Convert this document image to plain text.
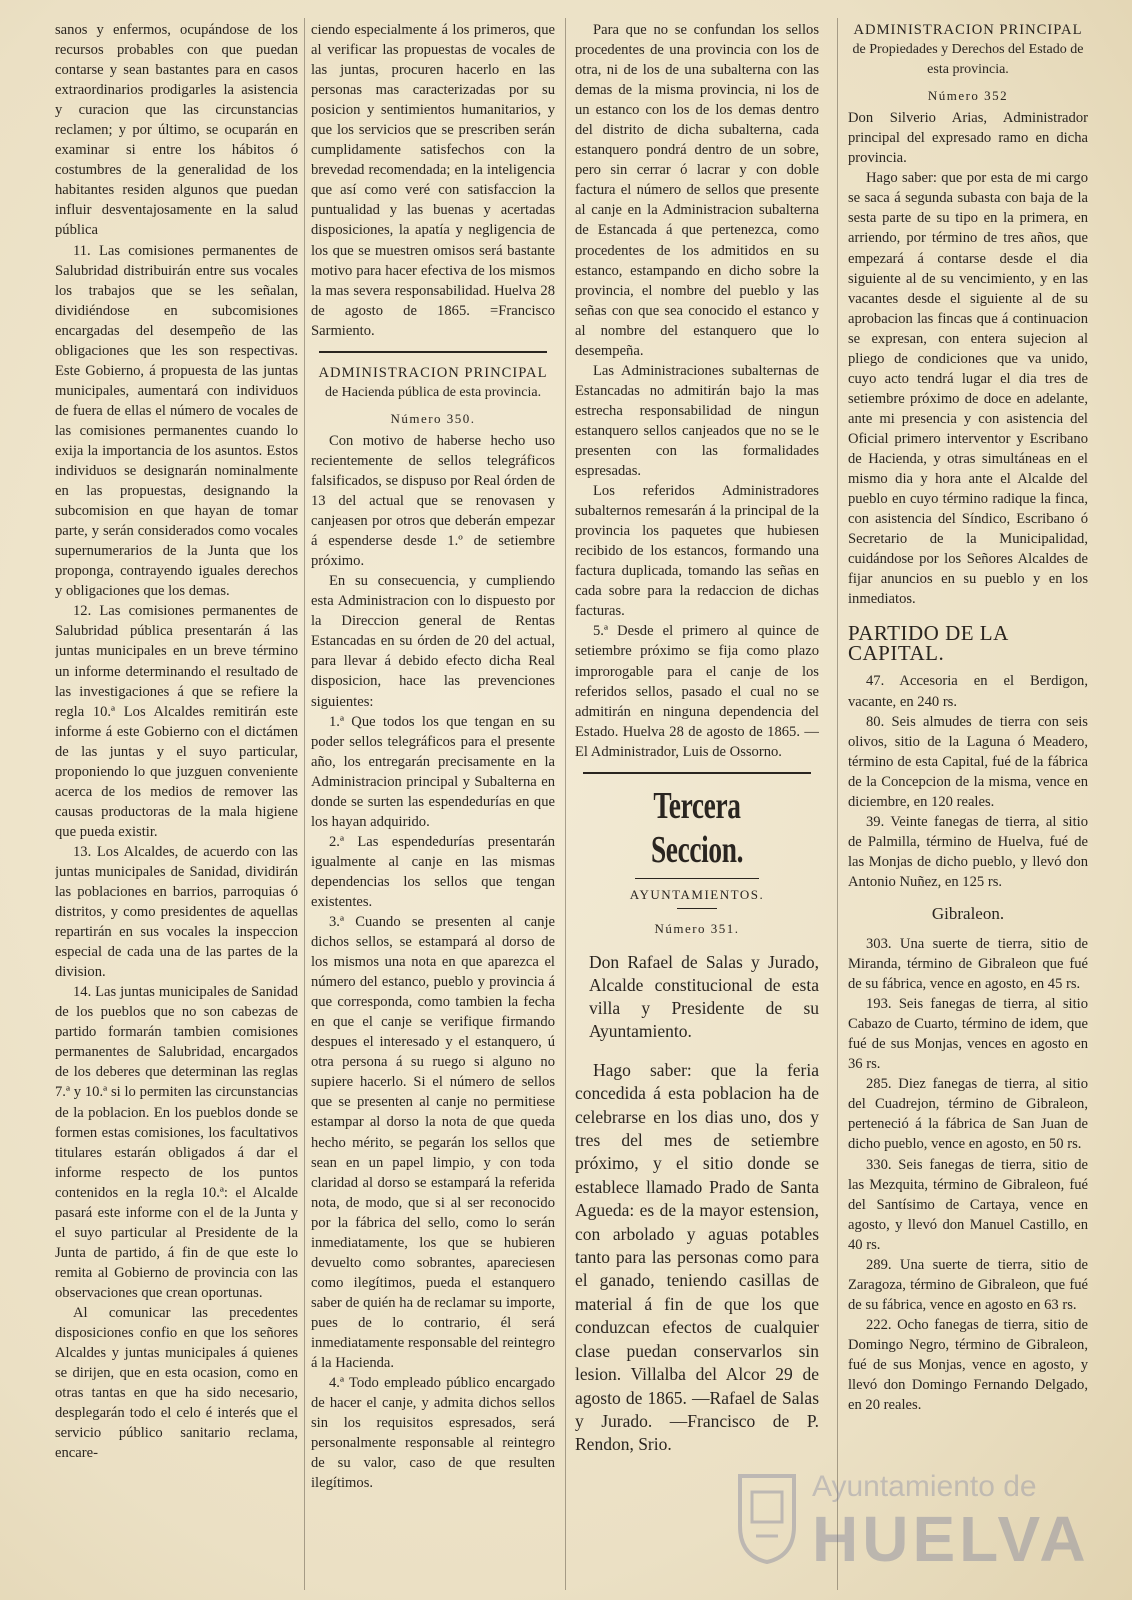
sanos y enfermos, ocupándose de los recursos probables con que puedan contarse y sean bastantes para en casos extraordinarios prodigarles la asistencia y curacion que las circunstancias reclamen; y por último, se ocuparán en examinar si entre los hábitos ó costumbres de la generalidad de los habitantes residen algunos que puedan influir desventajosamente en la salud pública

11. Las comisiones permanentes de Salubridad distribuirán entre sus vocales los trabajos que se les señalan, dividiéndose en subcomisiones encargadas del desempeño de las obligaciones que les son respectivas. Este Gobierno, á propuesta de las juntas municipales, aumentará con individuos de fuera de ellas el número de vocales de las comisiones permanentes cuando lo exija la importancia de los asuntos. Estos individuos se designarán nominalmente en las propuestas, designando la subcomision en que hayan de tomar parte, y serán considerados como vocales supernumerarios de la Junta que los proponga, contrayendo iguales derechos y obligaciones que los demas.

12. Las comisiones permanentes de Salubridad pública presentarán á las juntas municipales en un breve término un informe determinando el resultado de las investigaciones á que se refiere la regla 10.ª Los Alcaldes remitirán este informe á este Gobierno con el dictámen de las juntas y el suyo particular, proponiendo lo que juzguen conveniente acerca de los medios de remover las causas productoras de la mala higiene que pueda existir.

13. Los Alcaldes, de acuerdo con las juntas municipales de Sanidad, dividirán las poblaciones en barrios, parroquias ó distritos, y como presidentes de aquellas repartirán en sus vocales la inspeccion especial de cada una de las partes de la division.

14. Las juntas municipales de Sanidad de los pueblos que no son cabezas de partido formarán tambien comisiones permanentes de Salubridad, encargados de los deberes que determinan las reglas 7.ª y 10.ª si lo permiten las circunstancias de la poblacion. En los pueblos donde se formen estas comisiones, los facultativos titulares estarán obligados á dar el informe respecto de los puntos contenidos en la regla 10.ª: el Alcalde pasará este informe con el de la Junta y el suyo particular al Presidente de la Junta de partido, á fin de que este lo remita al Gobierno de provincia con las observaciones que crean oportunas.

Al comunicar las precedentes disposiciones confio en que los señores Alcaldes y juntas municipales á quienes se dirijen, que en esta ocasion, como en otras tantas en que ha sido necesario, desplegarán todo el celo é interés que el servicio público sanitario reclama, encare-

ciendo especialmente á los primeros, que al verificar las propuestas de vocales de las juntas, procuren hacerlo en las personas mas caracterizadas por su posicion y sentimientos humanitarios, y que los servicios que se prescriben serán cumplidamente satisfechos con la brevedad recomendada; en la inteligencia que así como veré con satisfaccion la puntualidad y las buenas y acertadas disposiciones, la apatía y negligencia de los que se muestren omisos será bastante motivo para hacer efectiva de los mismos la mas severa responsabilidad. Huelva 28 de agosto de 1865. =Francisco Sarmiento.

ADMINISTRACION PRINCIPAL

de Hacienda pública de esta provincia.

Número 350.

Con motivo de haberse hecho uso recientemente de sellos telegráficos falsificados, se dispuso por Real órden de 13 del actual que se renovasen y canjeasen por otros que deberán empezar á espenderse desde 1.º de setiembre próximo.

En su consecuencia, y cumpliendo esta Administracion con lo dispuesto por la Direccion general de Rentas Estancadas en su órden de 20 del actual, para llevar á debido efecto dicha Real disposicion, hace las prevenciones siguientes:

1.ª Que todos los que tengan en su poder sellos telegráficos para el presente año, los entregarán precisamente en la Administracion principal y Subalterna en donde se surten las espendedurías en que los hayan adquirido.

2.ª Las espendedurías presentarán igualmente al canje en las mismas dependencias los sellos que tengan existentes.

3.ª Cuando se presenten al canje dichos sellos, se estampará al dorso de los mismos una nota en que aparezca el número del estanco, pueblo y provincia á que corresponda, como tambien la fecha en que el canje se verifique firmando despues el interesado y el estanquero, ú otra persona á su ruego si alguno no supiere hacerlo. Si el número de sellos que se presenten al canje no permitiese estampar al dorso la nota de que queda hecho mérito, se pegarán los sellos que sean en un papel limpio, y con toda claridad al dorso se estampará la referida nota, de modo, que si al ser reconocido por la fábrica del sello, como lo serán inmediatamente, los que se hubieren devuelto como sobrantes, apareciesen como ilegítimos, pueda el estanquero saber de quién ha de reclamar su importe, pues de lo contrario, él será inmediatamente responsable del reintegro á la Hacienda.

4.ª Todo empleado público encargado de hacer el canje, y admita dichos sellos sin los requisitos espresados, será personalmente responsable al reintegro de su valor, caso de que resulten ilegítimos.

Para que no se confundan los sellos procedentes de una provincia con los de otra, ni de los de una subalterna con las demas de la misma provincia, ni los de un estanco con los de los demas dentro del distrito de dicha subalterna, cada estanquero pondrá dentro de un sobre, pero sin cerrar ó lacrar y con doble factura el número de sellos que presente al canje en la Administracion subalterna de Estancada á que pertenezca, como procedentes de los admitidos en su estanco, estampando en dicho sobre la provincia, el nombre del pueblo y las señas con que sea conocido el estanco y al nombre del estanquero que lo desempeña.

Las Administraciones subalternas de Estancadas no admitirán bajo la mas estrecha responsabilidad de ningun estanquero sellos canjeados que no se le presenten con las formalidades espresadas.

Los referidos Administradores subalternos remesarán á la principal de la provincia los paquetes que hubiesen recibido de los estancos, formando una factura duplicada, tomando las señas en cada sobre para la redaccion de dichas facturas.

5.ª Desde el primero al quince de setiembre próximo se fija como plazo improrogable para el canje de los referidos sellos, pasado el cual no se admitirán en ninguna dependencia del Estado. Huelva 28 de agosto de 1865. —El Administrador, Luis de Ossorno.

Tercera Seccion.

AYUNTAMIENTOS.

Número 351.

Don Rafael de Salas y Jurado, Alcalde constitucional de esta villa y Presidente de su Ayuntamiento.

Hago saber: que la feria concedida á esta poblacion ha de celebrarse en los dias uno, dos y tres del mes de setiembre próximo, y el sitio donde se establece llamado Prado de Santa Agueda: es de la mayor estension, con arbolado y aguas potables tanto para las personas como para el ganado, teniendo casillas de material á fin de que los que conduzcan efectos de cualquier clase puedan conservarlos sin lesion. Villalba del Alcor 29 de agosto de 1865. —Rafael de Salas y Jurado. —Francisco de P. Rendon, Srio.

ADMINISTRACION PRINCIPAL

de Propiedades y Derechos del Estado de esta provincia.

Número 352

Don Silverio Arias, Administrador principal del expresado ramo en dicha provincia.

Hago saber: que por esta de mi cargo se saca á segunda subasta con baja de la sesta parte de su tipo en la primera, en arriendo, por término de tres años, que empezará á contarse desde el dia siguiente al de su vencimiento, y en las vacantes desde el siguiente al de su aprobacion las fincas que á continuacion se expresan, con entera sujecion al pliego de condiciones que va unido, cuyo acto tendrá lugar el dia tres de setiembre próximo de doce en adelante, ante mi presencia y con asistencia del Oficial primero interventor y Escribano de Hacienda, y otras simultáneas en el mismo dia y hora ante el Alcalde del pueblo en cuyo término radique la finca, con asistencia del Síndico, Escribano ó Secretario de la Municipalidad, cuidándose por los Señores Alcaldes de fijar anuncios en su pueblo y en los inmediatos.

PARTIDO DE LA CAPITAL.

47. Accesoria en el Berdigon, vacante, en 240 rs.

80. Seis almudes de tierra con seis olivos, sitio de la Laguna ó Meadero, término de esta Capital, fué de la fábrica de la Concepcion de la misma, vence en diciembre, en 120 reales.

39. Veinte fanegas de tierra, al sitio de Palmilla, término de Huelva, fué de las Monjas de dicho pueblo, y llevó don Antonio Nuñez, en 125 rs.

Gibraleon.

303. Una suerte de tierra, sitio de Miranda, término de Gibraleon que fué de su fábrica, vence en agosto, en 45 rs.

193. Seis fanegas de tierra, al sitio Cabazo de Cuarto, término de idem, que fué de sus Monjas, vences en agosto en 36 rs.

285. Diez fanegas de tierra, al sitio del Cuadrejon, término de Gibraleon, perteneció á la fábrica de San Juan de dicho pueblo, vence en agosto, en 50 rs.

330. Seis fanegas de tierra, sitio de las Mezquita, término de Gibraleon, fué del Santísimo de Cartaya, vence en agosto, y llevó don Manuel Castillo, en 40 rs.

289. Una suerte de tierra, sitio de Zaragoza, término de Gibraleon, que fué de su fábrica, vence en agosto en 63 rs.

222. Ocho fanegas de tierra, sitio de Domingo Negro, término de Gibraleon, fué de sus Monjas, vence en agosto, y llevó don Domingo Fernando Delgado, en 20 reales.

Ayuntamiento de
HUELVA
